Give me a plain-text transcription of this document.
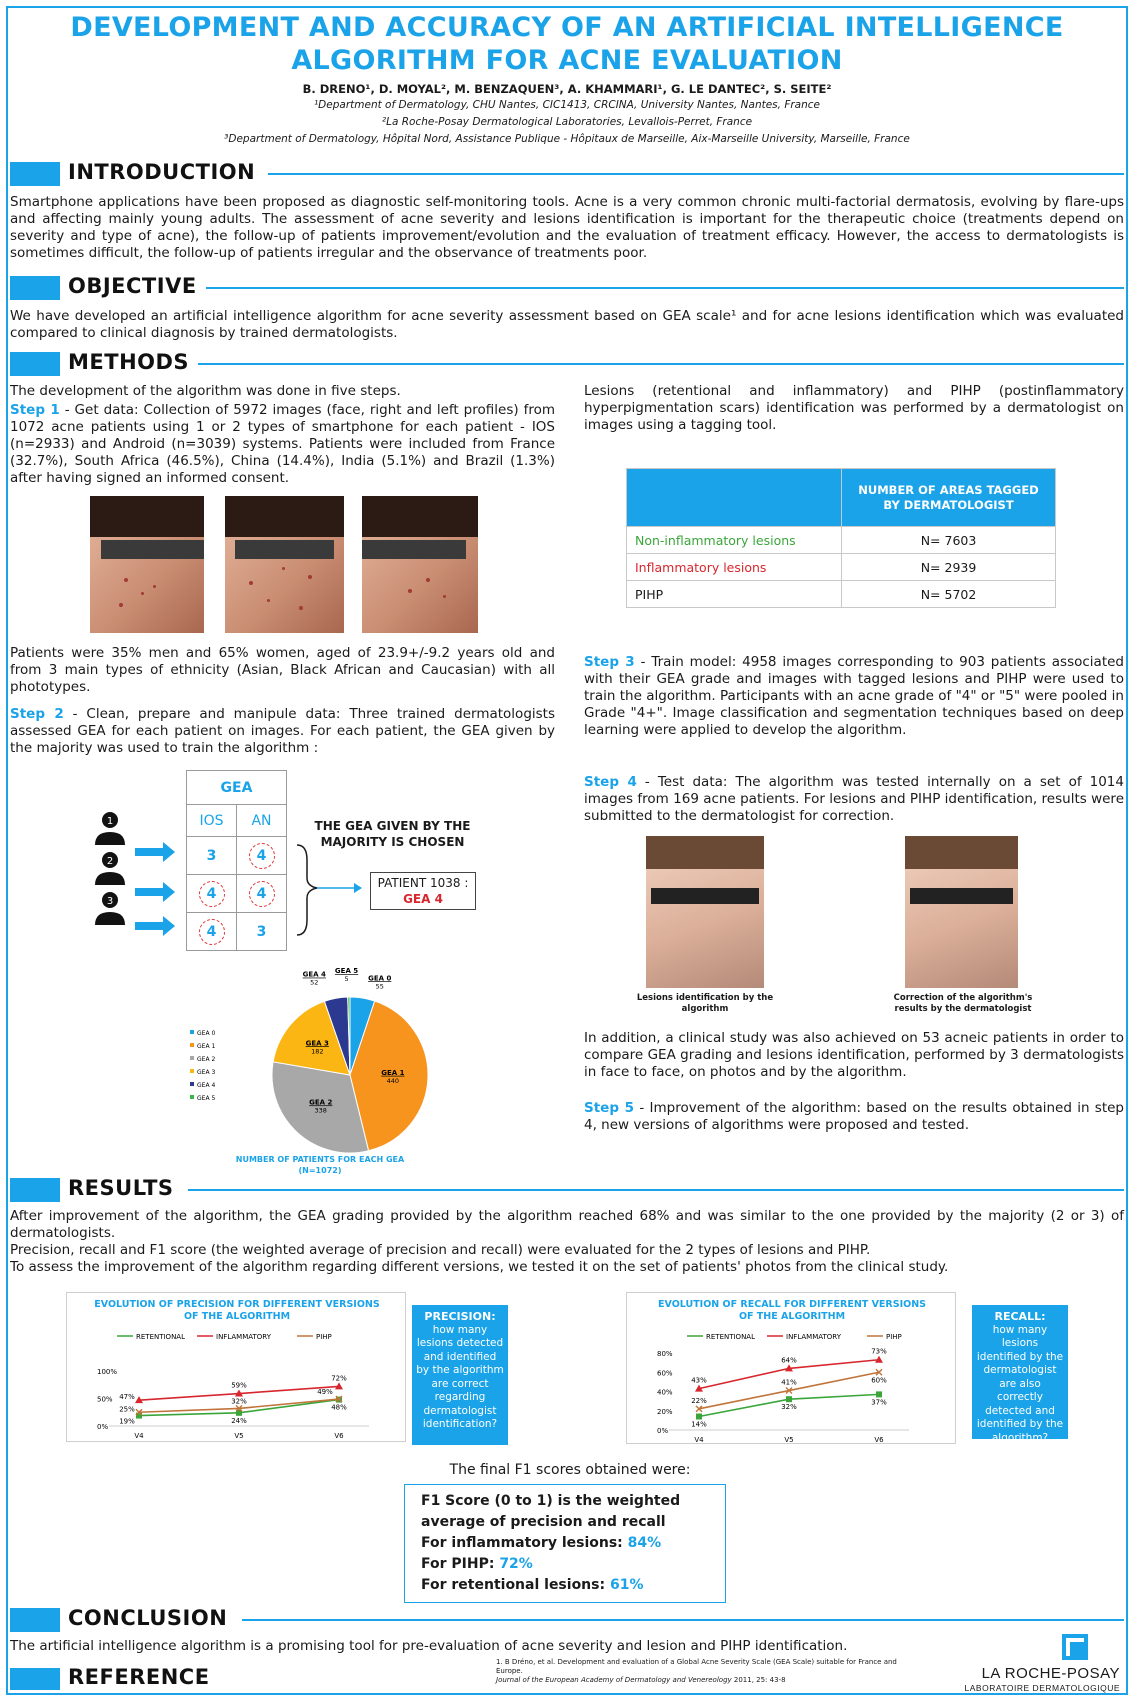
DEVELOPMENT AND ACCURACY OF AN ARTIFICIAL INTELLIGENCE
ALGORITHM FOR ACNE EVALUATION
B. DRENO¹, D. MOYAL², M. BENZAQUEN³, A. KHAMMARI¹, G. LE DANTEC², S. SEITE²
¹Department of Dermatology, CHU Nantes, CIC1413, CRCINA, University Nantes, Nantes, France
²La Roche-Posay Dermatological Laboratories, Levallois-Perret, France
³Department of Dermatology, Hôpital Nord, Assistance Publique - Hôpitaux de Marseille, Aix-Marseille University, Marseille, France
INTRODUCTION
Smartphone applications have been proposed as diagnostic self-monitoring tools. Acne is a very common chronic multi-factorial dermatosis, evolving by flare-ups and affecting mainly young adults. The assessment of acne severity and lesions identification is important for the therapeutic choice (treatments depend on severity and type of acne), the follow-up of patients improvement/evolution and the evaluation of treatment efficacy. However, the access to dermatologists is sometimes difficult, the follow-up of patients irregular and the observance of treatments poor.
OBJECTIVE
We have developed an artificial intelligence algorithm for acne severity assessment based on GEA scale¹ and for acne lesions identification which was evaluated compared to clinical diagnosis by trained dermatologists.
METHODS
The development of the algorithm was done in five steps.
Step 1 - Get data: Collection of 5972 images (face, right and left profiles) from 1072 acne patients using 1 or 2 types of smartphone for each patient - IOS (n=2933) and Android (n=3039) systems. Patients were included from France (32.7%), South Africa (46.5%), China (14.4%), India (5.1%) and Brazil (1.3%) after having signed an informed consent.
Patients were 35% men and 65% women, aged of 23.9+/-9.2 years old and from 3 main types of ethnicity (Asian, Black African and Caucasian) with all phototypes.
Step 2 - Clean, prepare and manipule data: Three trained dermatologists assessed GEA for each patient on images. For each patient, the GEA given by the majority was used to train the algorithm :
GEA	
IOS	AN
3	4
4	4
4	3
1
2
3
THE GEA GIVEN BY THE MAJORITY IS CHOSEN
PATIENT 1038 :
GEA 4
GEA 0
55
GEA 1
440
GEA 2
338
GEA 3
182
GEA 4
52
GEA 5
5
GEA 0
GEA 1
GEA 2
GEA 3
GEA 4
GEA 5
NUMBER OF PATIENTS FOR EACH GEA
(N=1072)
Lesions (retentional and inflammatory) and PIHP (postinflammatory hyperpigmentation scars) identification was performed by a dermatologist on images using a tagging tool.
	NUMBER OF AREAS TAGGED BY DERMATOLOGIST
Non-inflammatory lesions	N= 7603
Inflammatory lesions	N= 2939
PIHP	N= 5702
Step 3 - Train model: 4958 images corresponding to 903 patients associated with their GEA grade and images with tagged lesions and PIHP were used to train the algorithm. Participants with an acne grade of "4" or "5" were pooled in Grade "4+". Image classification and segmentation techniques based on deep learning were applied to develop the algorithm.
Step 4 - Test data: The algorithm was tested internally on a set of 1014 images from 169 acne patients. For lesions and PIHP identification, results were submitted to the dermatologist for correction.
Lesions identification by the algorithm
Correction of the algorithm's results by the dermatologist
In addition, a clinical study was also achieved on 53 acneic patients in order to compare GEA grading and lesions identification, performed by 3 dermatologists in face to face, on photos and by the algorithm.
Step 5 - Improvement of the algorithm: based on the results obtained in step 4, new versions of algorithms were proposed and tested.
RESULTS
After improvement of the algorithm, the GEA grading provided by the algorithm reached 68% and was similar to the one provided by the majority (2 or 3) of dermatologists.
Precision, recall and F1 score (the weighted average of precision and recall) were evaluated for the 2 types of lesions and PIHP.
To assess the improvement of the algorithm regarding different versions, we tested it on the set of patients' photos from the clinical study.
EVOLUTION OF PRECISION FOR DIFFERENT VERSIONS
OF THE ALGORITHM
RETENTIONAL	INFLAMMATORY	PIHP
0%
50%
100%
V4	V5	V6
19%	24%
48%
47%
59%
72%
25%
32%
49%
PRECISION:
how many lesions detected and identified by the algorithm are correct regarding dermatologist identification?
EVOLUTION OF RECALL FOR DIFFERENT VERSIONS
OF THE ALGORITHM
RETENTIONAL	INFLAMMATORY	PIHP
0%
20%
40%
60%
80%
V4	V5	V6
14%
32%
37%
43%
64%
73%
22%
41%	60%
RECALL:
how many lesions identified by the dermatologist are also correctly detected and identified by the algorithm?
The final F1 scores obtained were:
F1 Score (0 to 1) is the weighted average of precision and recall
For inflammatory lesions: 84%
For PIHP: 72%
For retentional lesions: 61%
CONCLUSION
The artificial intelligence algorithm is a promising tool for pre-evaluation of acne severity and lesion and PIHP identification.
REFERENCE
1. B Dréno, et al. Development and evaluation of a Global Acne Severity Scale (GEA Scale) suitable for France and Europe.
Journal of the European Academy of Dermatology and Venereology 2011, 25: 43-8	LA ROCHE-POSAY
LABORATOIRE DERMATOLOGIQUE
